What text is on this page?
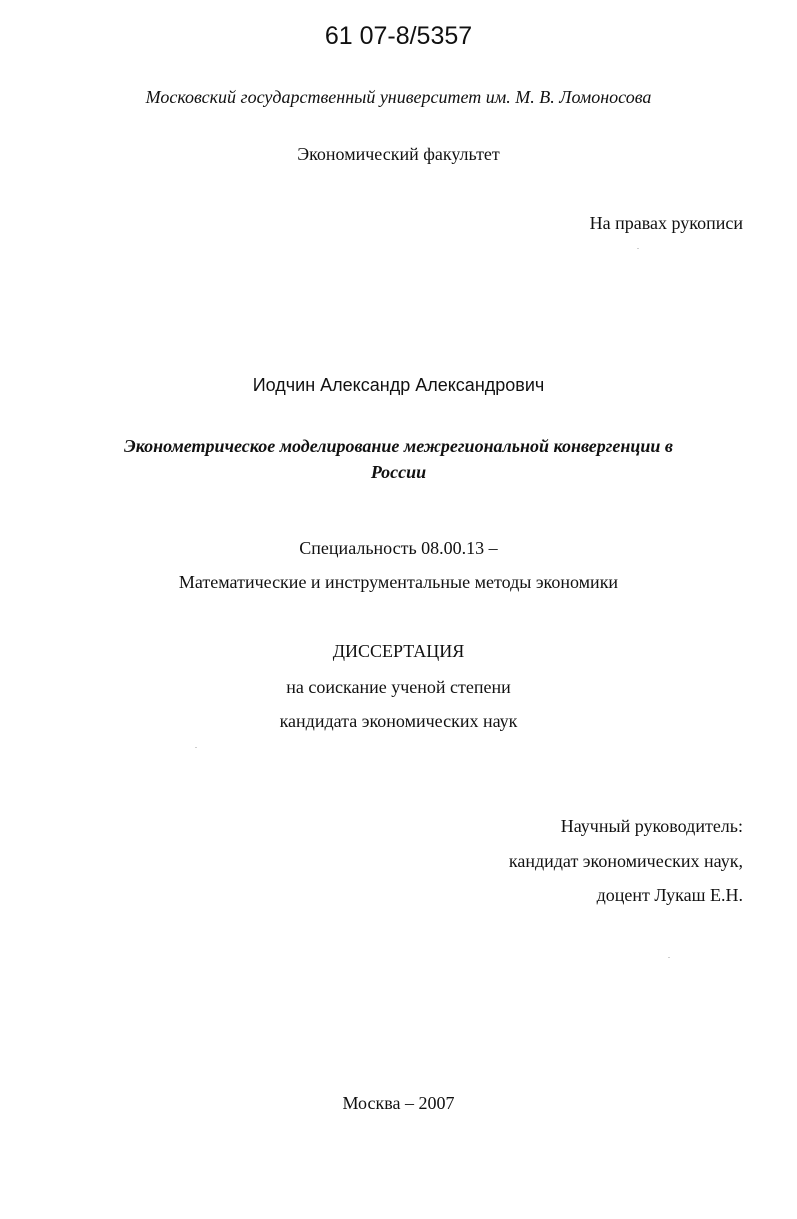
61 07-8/5357
Московский государственный университет им. М. В. Ломоносова
Экономический факультет
На правах рукописи
Иодчин Александр Александрович
Эконометрическое моделирование межрегиональной конвергенции в
России
Специальность 08.00.13 –
Математические и инструментальные методы экономики
ДИССЕРТАЦИЯ
на соискание ученой степени
кандидата экономических наук
Научный руководитель:
кандидат экономических наук,
доцент Лукаш Е.Н.
Москва – 2007
